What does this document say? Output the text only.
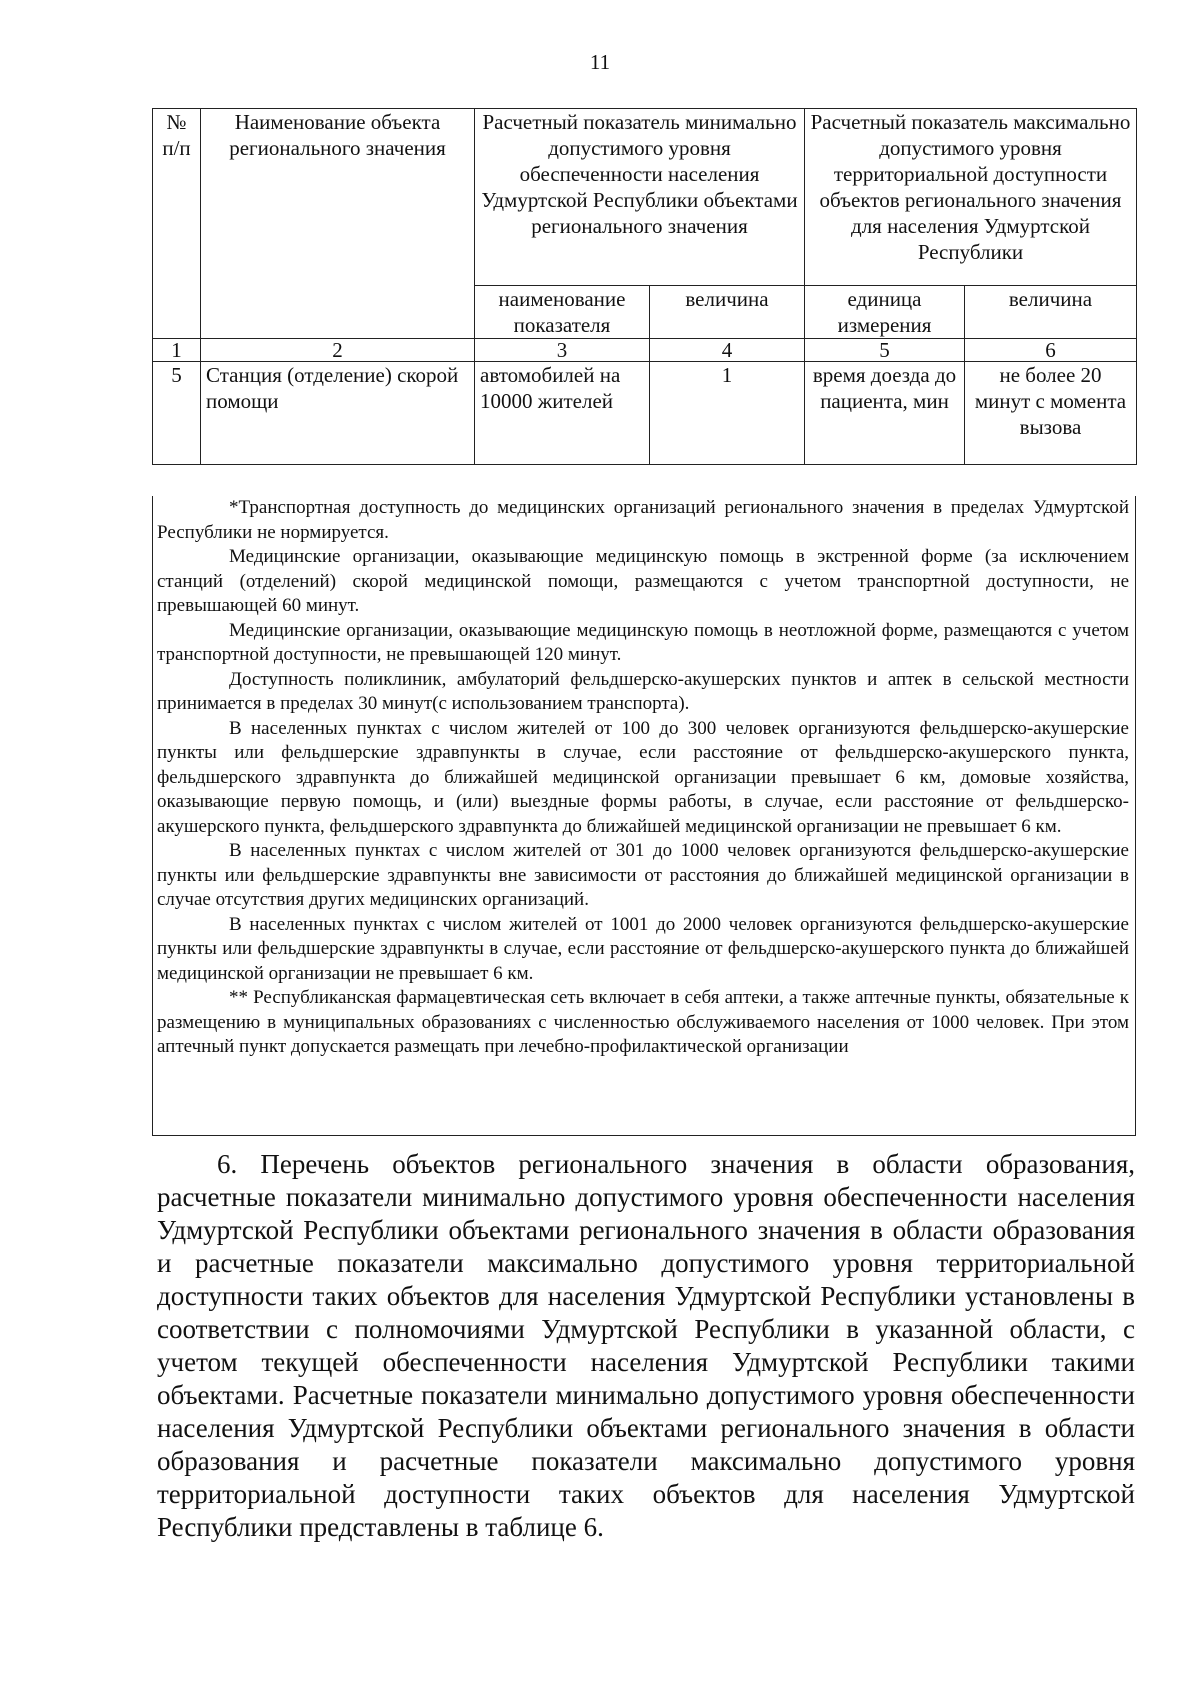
11
№ п/п	Наименование объекта регионального значения	Расчетный показатель минимально допустимого уровня обеспеченности населения Удмуртской Республики объектами регионального значения		Расчетный показатель максимально допустимого уровня территориальной доступности объектов регионального значения для населения Удмуртской Республики	
		наименование показателя	величина	единица измерения	величина
1	2	3	4	5	6
5	Станция (отделение) скорой помощи	автомобилей на 10000 жителей	1	время доезда до пациента, мин	не более 20 минут с момента вызова

*Транспортная доступность до медицинских организаций регионального значения в пределах Удмуртской Республики не нормируется.

Медицинские организации, оказывающие медицинскую помощь в экстренной форме (за исключением станций (отделений) скорой медицинской помощи, размещаются с учетом транспортной доступности, не превышающей 60 минут.

Медицинские организации, оказывающие медицинскую помощь в неотложной форме, размещаются с учетом транспортной доступности, не превышающей 120 минут.

Доступность поликлиник, амбулаторий фельдшерско-акушерских пунктов и аптек в сельской местности принимается в пределах 30 минут(с использованием транспорта).

В населенных пунктах с числом жителей от 100 до 300 человек организуются фельдшерско-акушерские пункты или фельдшерские здравпункты в случае, если расстояние от фельдшерско-акушерского пункта, фельдшерского здравпункта до ближайшей медицинской организации превышает 6 км, домовые хозяйства, оказывающие первую помощь, и (или) выездные формы работы, в случае, если расстояние от фельдшерско-акушерского пункта, фельдшерского здравпункта до ближайшей медицинской организации не превышает 6 км.

В населенных пунктах с числом жителей от 301 до 1000 человек организуются фельдшерско-акушерские пункты или фельдшерские здравпункты вне зависимости от расстояния до ближайшей медицинской организации в случае отсутствия других медицинских организаций.

В населенных пунктах с числом жителей от 1001 до 2000 человек организуются фельдшерско-акушерские пункты или фельдшерские здравпункты в случае, если расстояние от фельдшерско-акушерского пункта до ближайшей медицинской организации не превышает 6 км.

** Республиканская фармацевтическая сеть включает в себя аптеки, а также аптечные пункты, обязательные к размещению в муниципальных образованиях с численностью обслуживаемого населения от 1000 человек. При этом аптечный пункт допускается размещать при лечебно-профилактической организации

6. Перечень объектов регионального значения в области образования, расчетные показатели минимально допустимого уровня обеспеченности населения Удмуртской Республики объектами регионального значения в области образования и расчетные показатели максимально допустимого уровня территориальной доступности таких объектов для населения Удмуртской Республики установлены в соответствии с полномочиями Удмуртской Республики в указанной области, с учетом текущей обеспеченности населения Удмуртской Республики такими объектами. Расчетные показатели минимально допустимого уровня обеспеченности населения Удмуртской Республики объектами регионального значения в области образования и расчетные показатели максимально допустимого уровня территориальной доступности таких объектов для населения Удмуртской Республики представлены в таблице 6.
